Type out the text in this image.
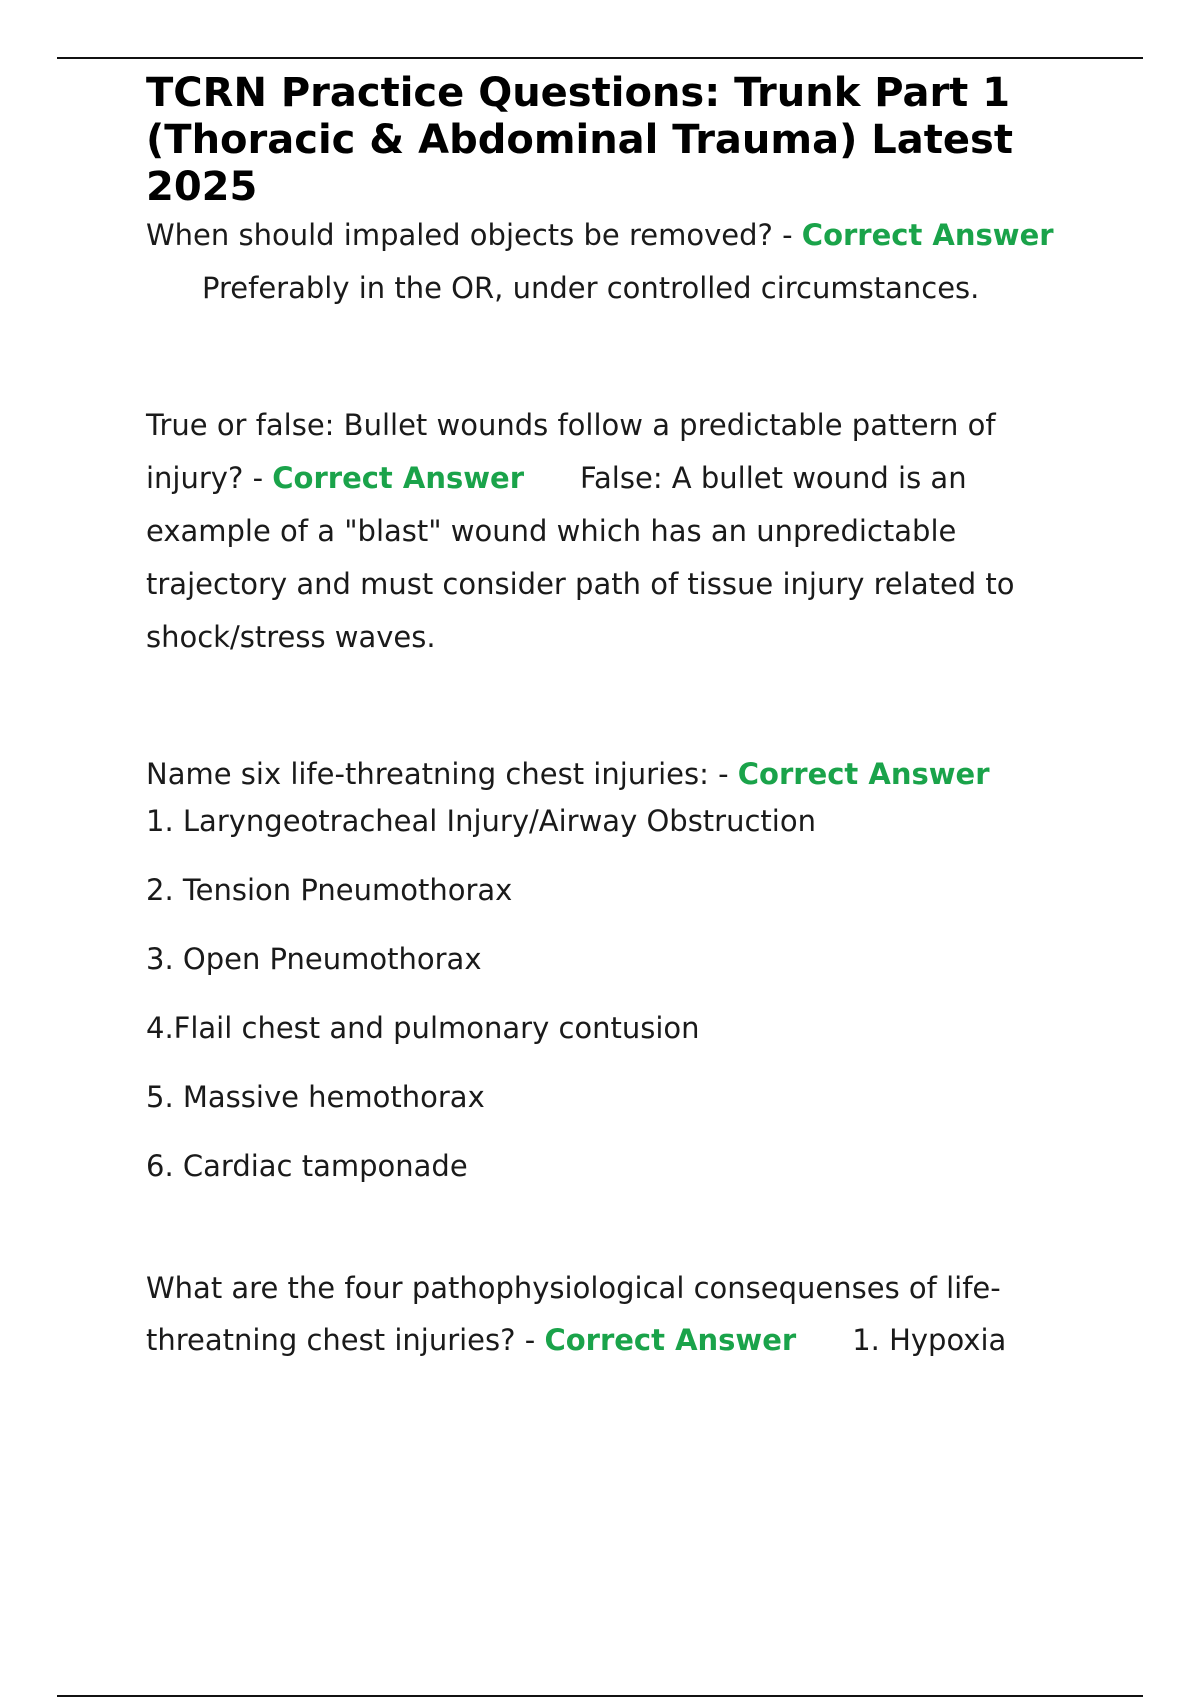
TCRN Practice Questions: Trunk Part 1 (Thoracic & Abdominal Trauma) Latest 2025
When should impaled objects be removed? - Correct AnswerPreferably in the OR, under controlled circumstances.
True or false: Bullet wounds follow a predictable pattern of injury? - Correct Answer False: A bullet wound is an example of a "blast" wound which has an unpredictable trajectory and must consider path of tissue injury related to shock/stress waves.
Name six life-threatning chest injuries: - Correct Answer
1. Laryngeotracheal Injury/Airway Obstruction
2. Tension Pneumothorax
3. Open Pneumothorax
4.Flail chest and pulmonary contusion
5. Massive hemothorax
6. Cardiac tamponade
What are the four pathophysiological consequenses of life-threatning chest injuries? - Correct Answer 1. Hypoxia
